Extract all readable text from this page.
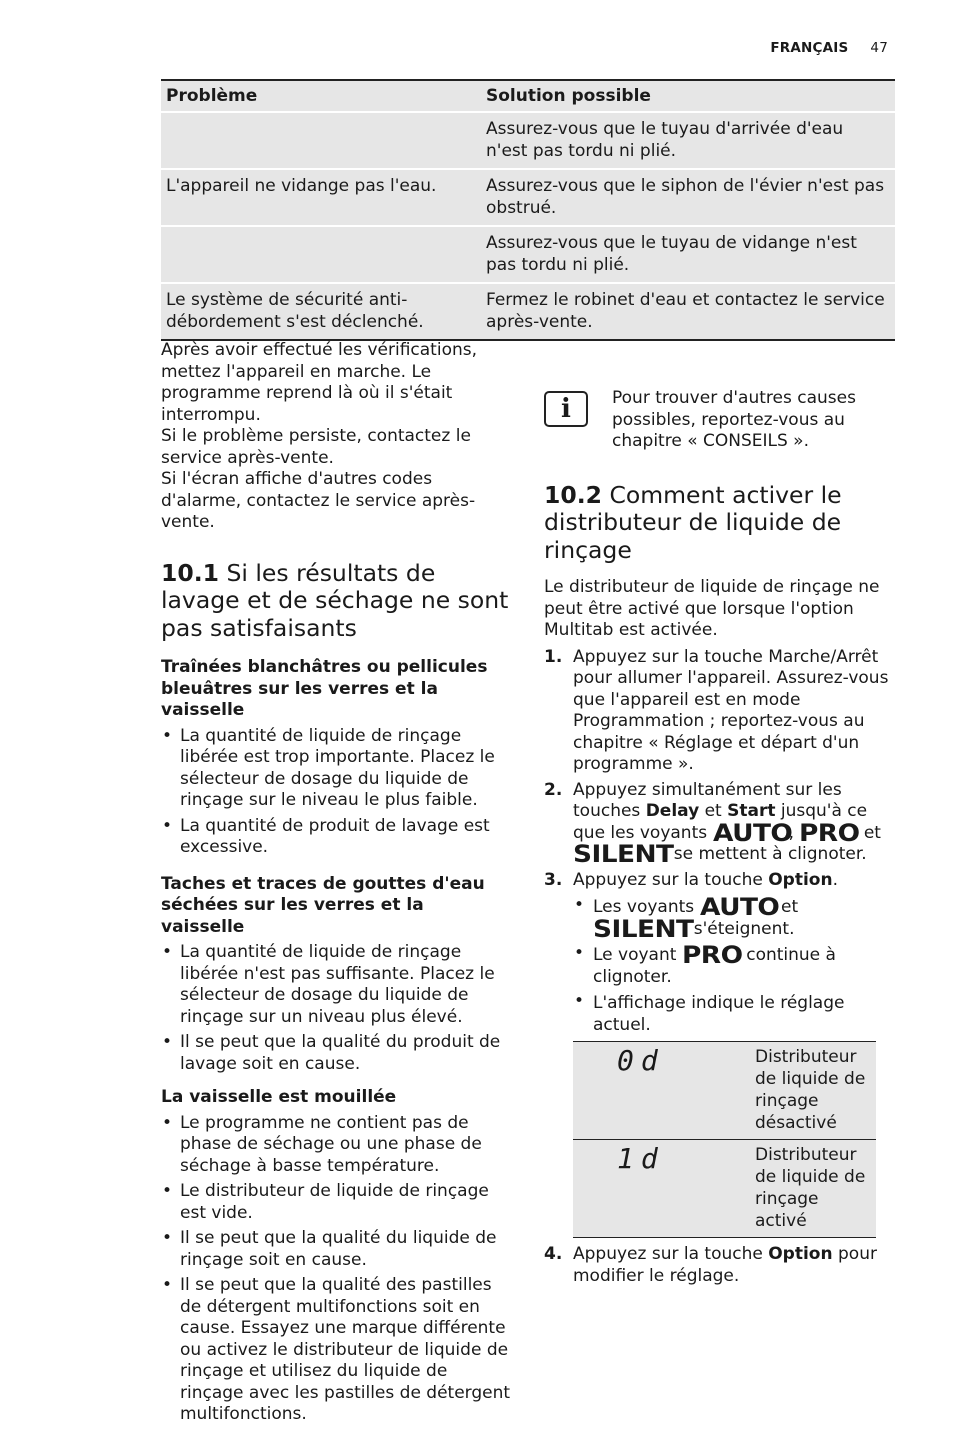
FRANÇAIS 47
Problème	Solution possible
	Assurez-vous que le tuyau d'arrivée d'eau n'est pas tordu ni plié.
L'appareil ne vidange pas l'eau.	Assurez-vous que le siphon de l'évier n'est pas obstrué.
	Assurez-vous que le tuyau de vidange n'est pas tordu ni plié.
Le système de sécurité anti-débordement s'est déclenché.	Fermez le robinet d'eau et contactez le service après-vente.

Après avoir effectué les vérifications, mettez l'appareil en marche. Le programme reprend là où il s'était interrompu.

Si le problème persiste, contactez le service après-vente.

Si l'écran affiche d'autres codes d'alarme, contactez le service après-vente.

10.1 Si les résultats de lavage et de séchage ne sont pas satisfaisants

Traînées blanchâtres ou pellicules bleuâtres sur les verres et la vaisselle

• La quantité de liquide de rinçage libérée est trop importante. Placez le sélecteur de dosage du liquide de rinçage sur le niveau le plus faible.
• La quantité de produit de lavage est excessive.

Taches et traces de gouttes d'eau séchées sur les verres et la vaisselle

• La quantité de liquide de rinçage libérée n'est pas suffisante. Placez le sélecteur de dosage du liquide de rinçage sur un niveau plus élevé.
• Il se peut que la qualité du produit de lavage soit en cause.

La vaisselle est mouillée

• Le programme ne contient pas de phase de séchage ou une phase de séchage à basse température.
• Le distributeur de liquide de rinçage est vide.
• Il se peut que la qualité du liquide de rinçage soit en cause.
• Il se peut que la qualité des pastilles de détergent multifonctions soit en cause. Essayez une marque différente ou activez le distributeur de liquide de rinçage et utilisez du liquide de rinçage avec les pastilles de détergent multifonctions.
i Pour trouver d'autres causes possibles, reportez-vous au chapitre « CONSEILS ».
10.2 Comment activer le distributeur de liquide de rinçage

Le distributeur de liquide de rinçage ne peut être activé que lorsque l'option Multitab est activée.

1. Appuyez sur la touche Marche/Arrêt pour allumer l'appareil. Assurez-vous que l'appareil est en mode Programmation ; reportez-vous au chapitre « Réglage et départ d'un programme ».
2. Appuyez simultanément sur les touches Delay et Start jusqu'à ce que les voyants AUTO, PRO et SILENT se mettent à clignoter.
3. Appuyez sur la touche Option.
• Les voyants AUTO et SILENT s'éteignent.
• Le voyant PRO continue à clignoter.
• L'affichage indique le réglage actuel.
0d	Distributeur de liquide de rinçage désactivé
1d	Distributeur de liquide de rinçage activé
4. Appuyez sur la touche Option pour modifier le réglage.
